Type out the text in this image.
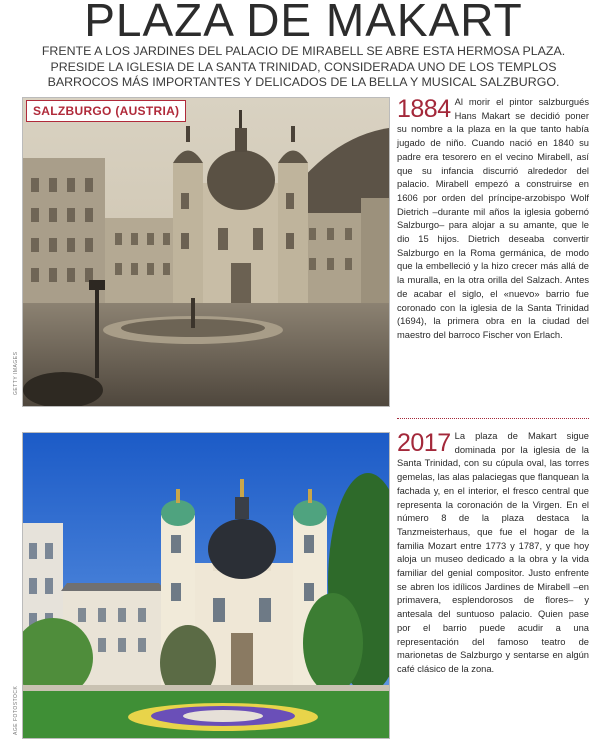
PLAZA DE MAKART

FRENTE A LOS JARDINES DEL PALACIO DE MIRABELL SE ABRE ESTA HERMOSA PLAZA. PRESIDE LA IGLESIA DE LA SANTA TRINIDAD, CONSIDERADA UNO DE LOS TEMPLOS BARROCOS MÁS IMPORTANTES Y DELICADOS DE LA BELLA Y MUSICAL SALZBURGO.

SALZBURGO (AUSTRIA)
GETTY IMAGES
AGE FOTOSTOCK
1884 Al morir el pintor salzburgués Hans Makart se decidió poner su nombre a la plaza en la que tanto había jugado de niño. Cuando nació en 1840 su padre era tesorero en el vecino Mirabell, así que su infancia discurrió alrededor del palacio. Mirabell empezó a construirse en 1606 por orden del príncipe-arzobispo Wolf Dietrich –durante mil años la iglesia gobernó Salzburgo– para alojar a su amante, que le dio 15 hijos. Dietrich deseaba convertir Salzburgo en la Roma germánica, de modo que la embelleció y la hizo crecer más allá de la muralla, en la otra orilla del Salzach. Antes de acabar el siglo, el «nuevo» barrio fue coronado con la iglesia de la Santa Trinidad (1694), la primera obra en la ciudad del maestro del barroco Fischer von Erlach.
2017 La plaza de Makart sigue dominada por la iglesia de la Santa Trinidad, con su cúpula oval, las torres gemelas, las alas palaciegas que flanquean la fachada y, en el interior, el fresco central que representa la coronación de la Virgen. En el número 8 de la plaza destaca la Tanzmeisterhaus, que fue el hogar de la familia Mozart entre 1773 y 1787, y que hoy aloja un museo dedicado a la obra y la vida familiar del genial compositor. Justo enfrente se abren los idílicos Jardines de Mirabell –en primavera, esplendorosos de flores– y antesala del suntuoso palacio. Quien pase por el barrio puede acudir a una representación del famoso teatro de marionetas de Salzburgo y sentarse en algún café clásico de la zona.
